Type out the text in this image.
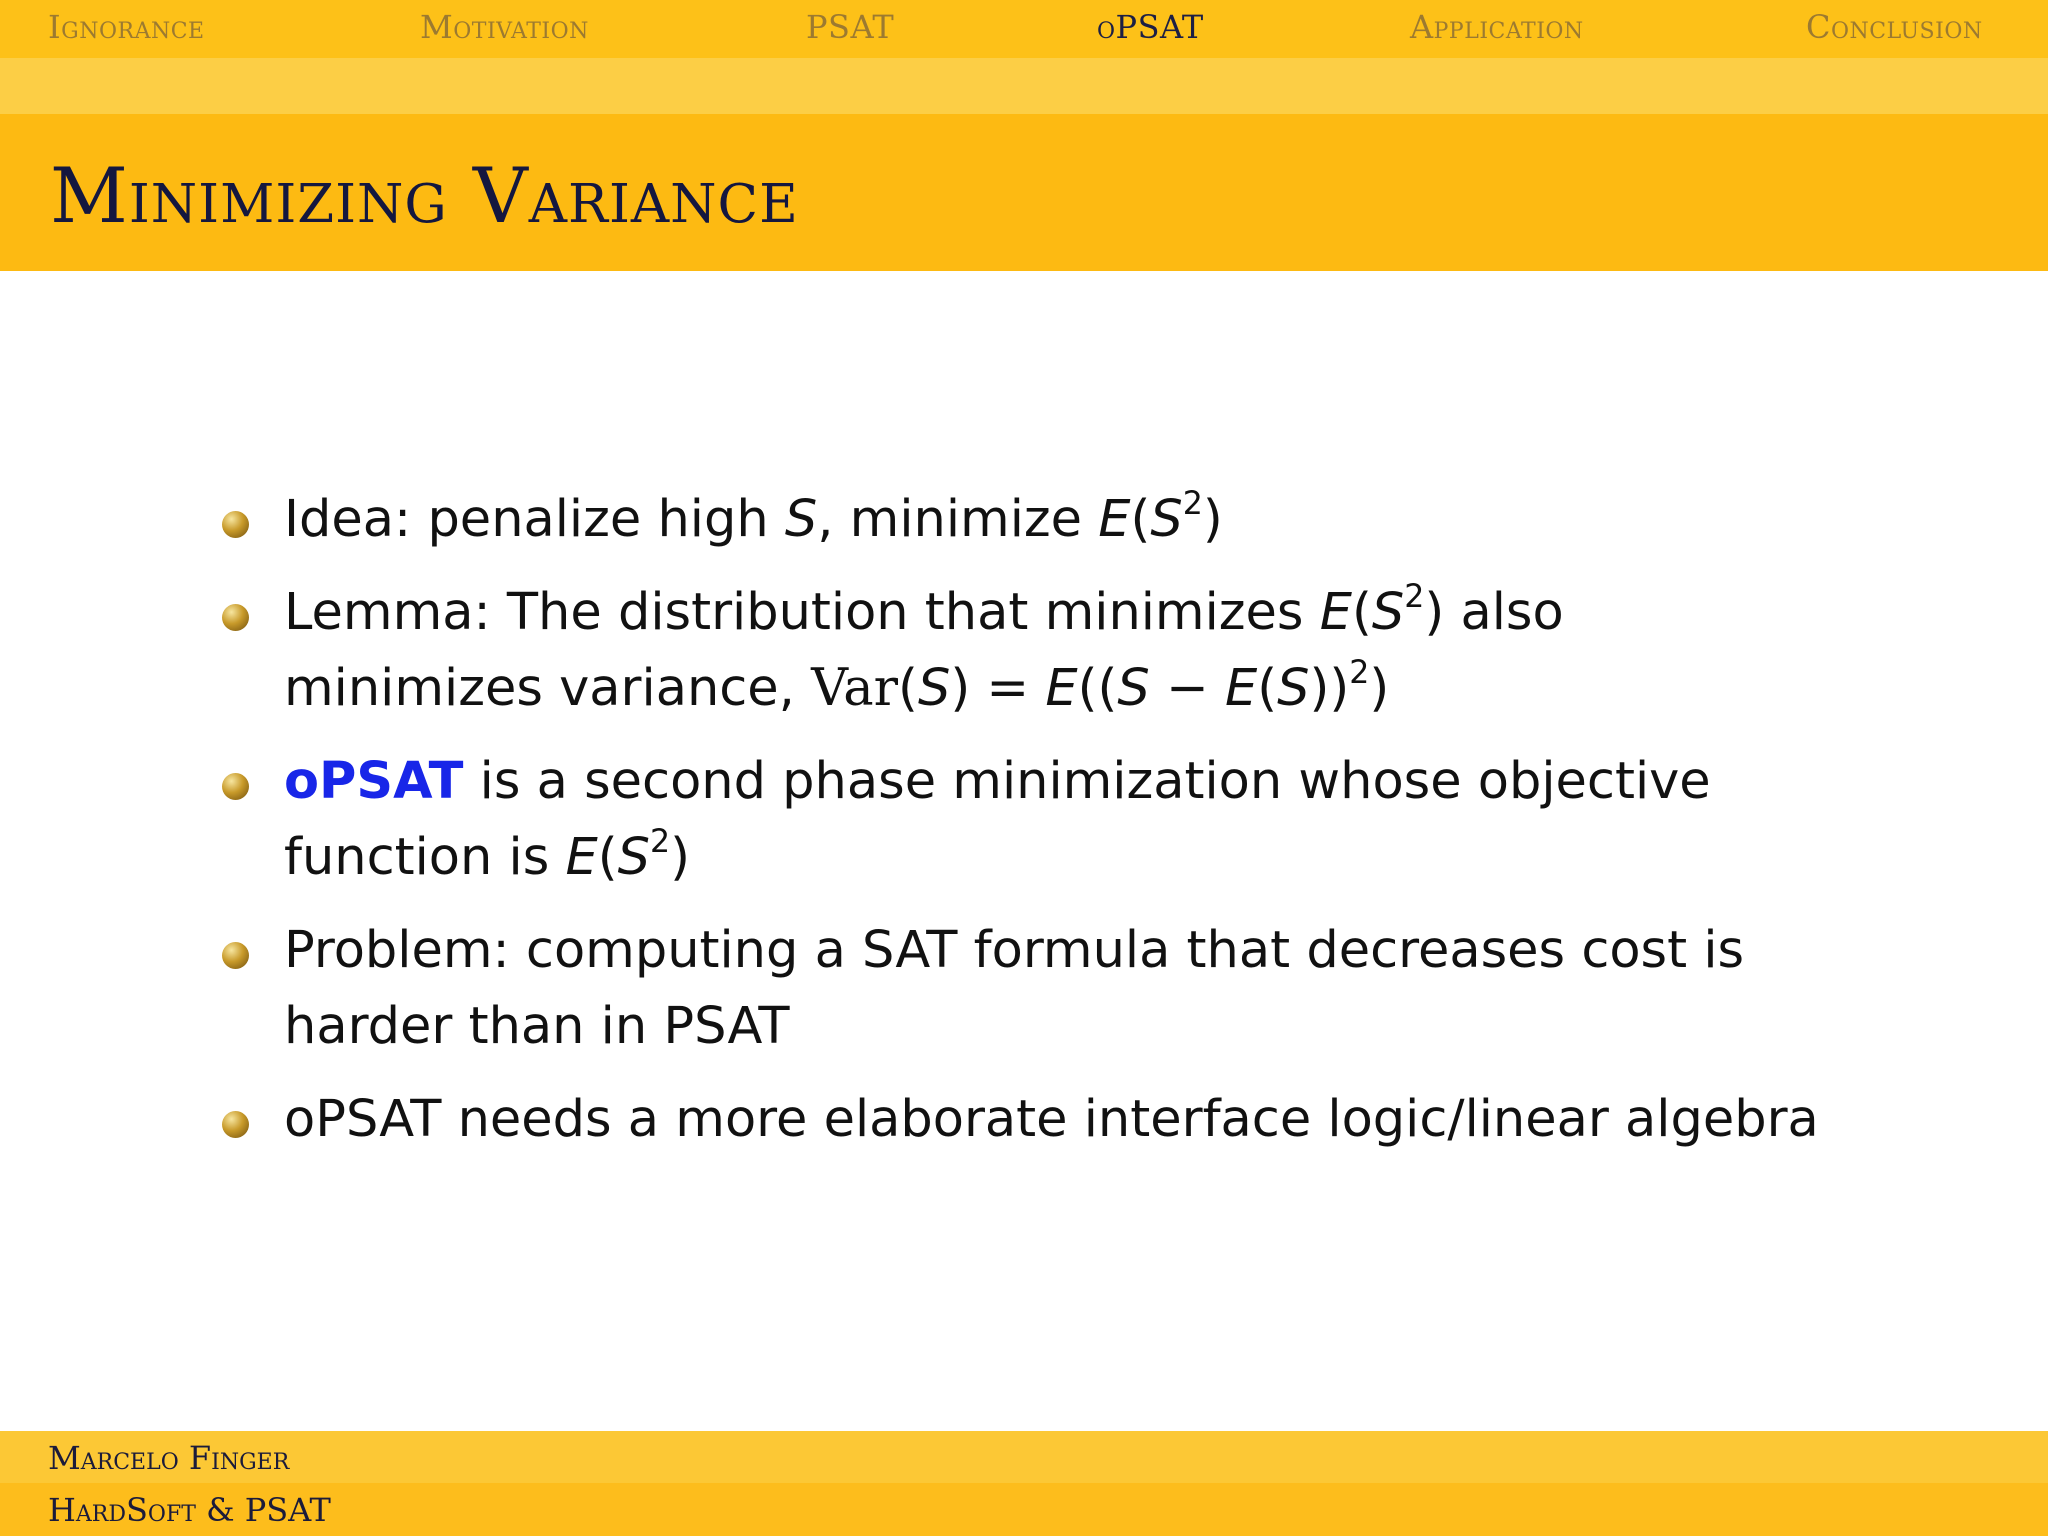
Ignorance	Motivation	PSAT	oPSAT	Application	Conclusion
Minimizing Variance
Idea: penalize high S, minimize $E(S^2)$
Lemma: The distribution that minimizes $E(S^2)$ also
minimizes variance, $Var(S) = E((S - E(S))^2)$
oPSAT is a second phase minimization whose objective
function is $E(S^2)$
Problem: computing a SAT formula that decreases cost is
harder than in PSAT
oPSAT needs a more elaborate interface logic/linear algebra
Marcelo Finger
HardSoft & PSAT
